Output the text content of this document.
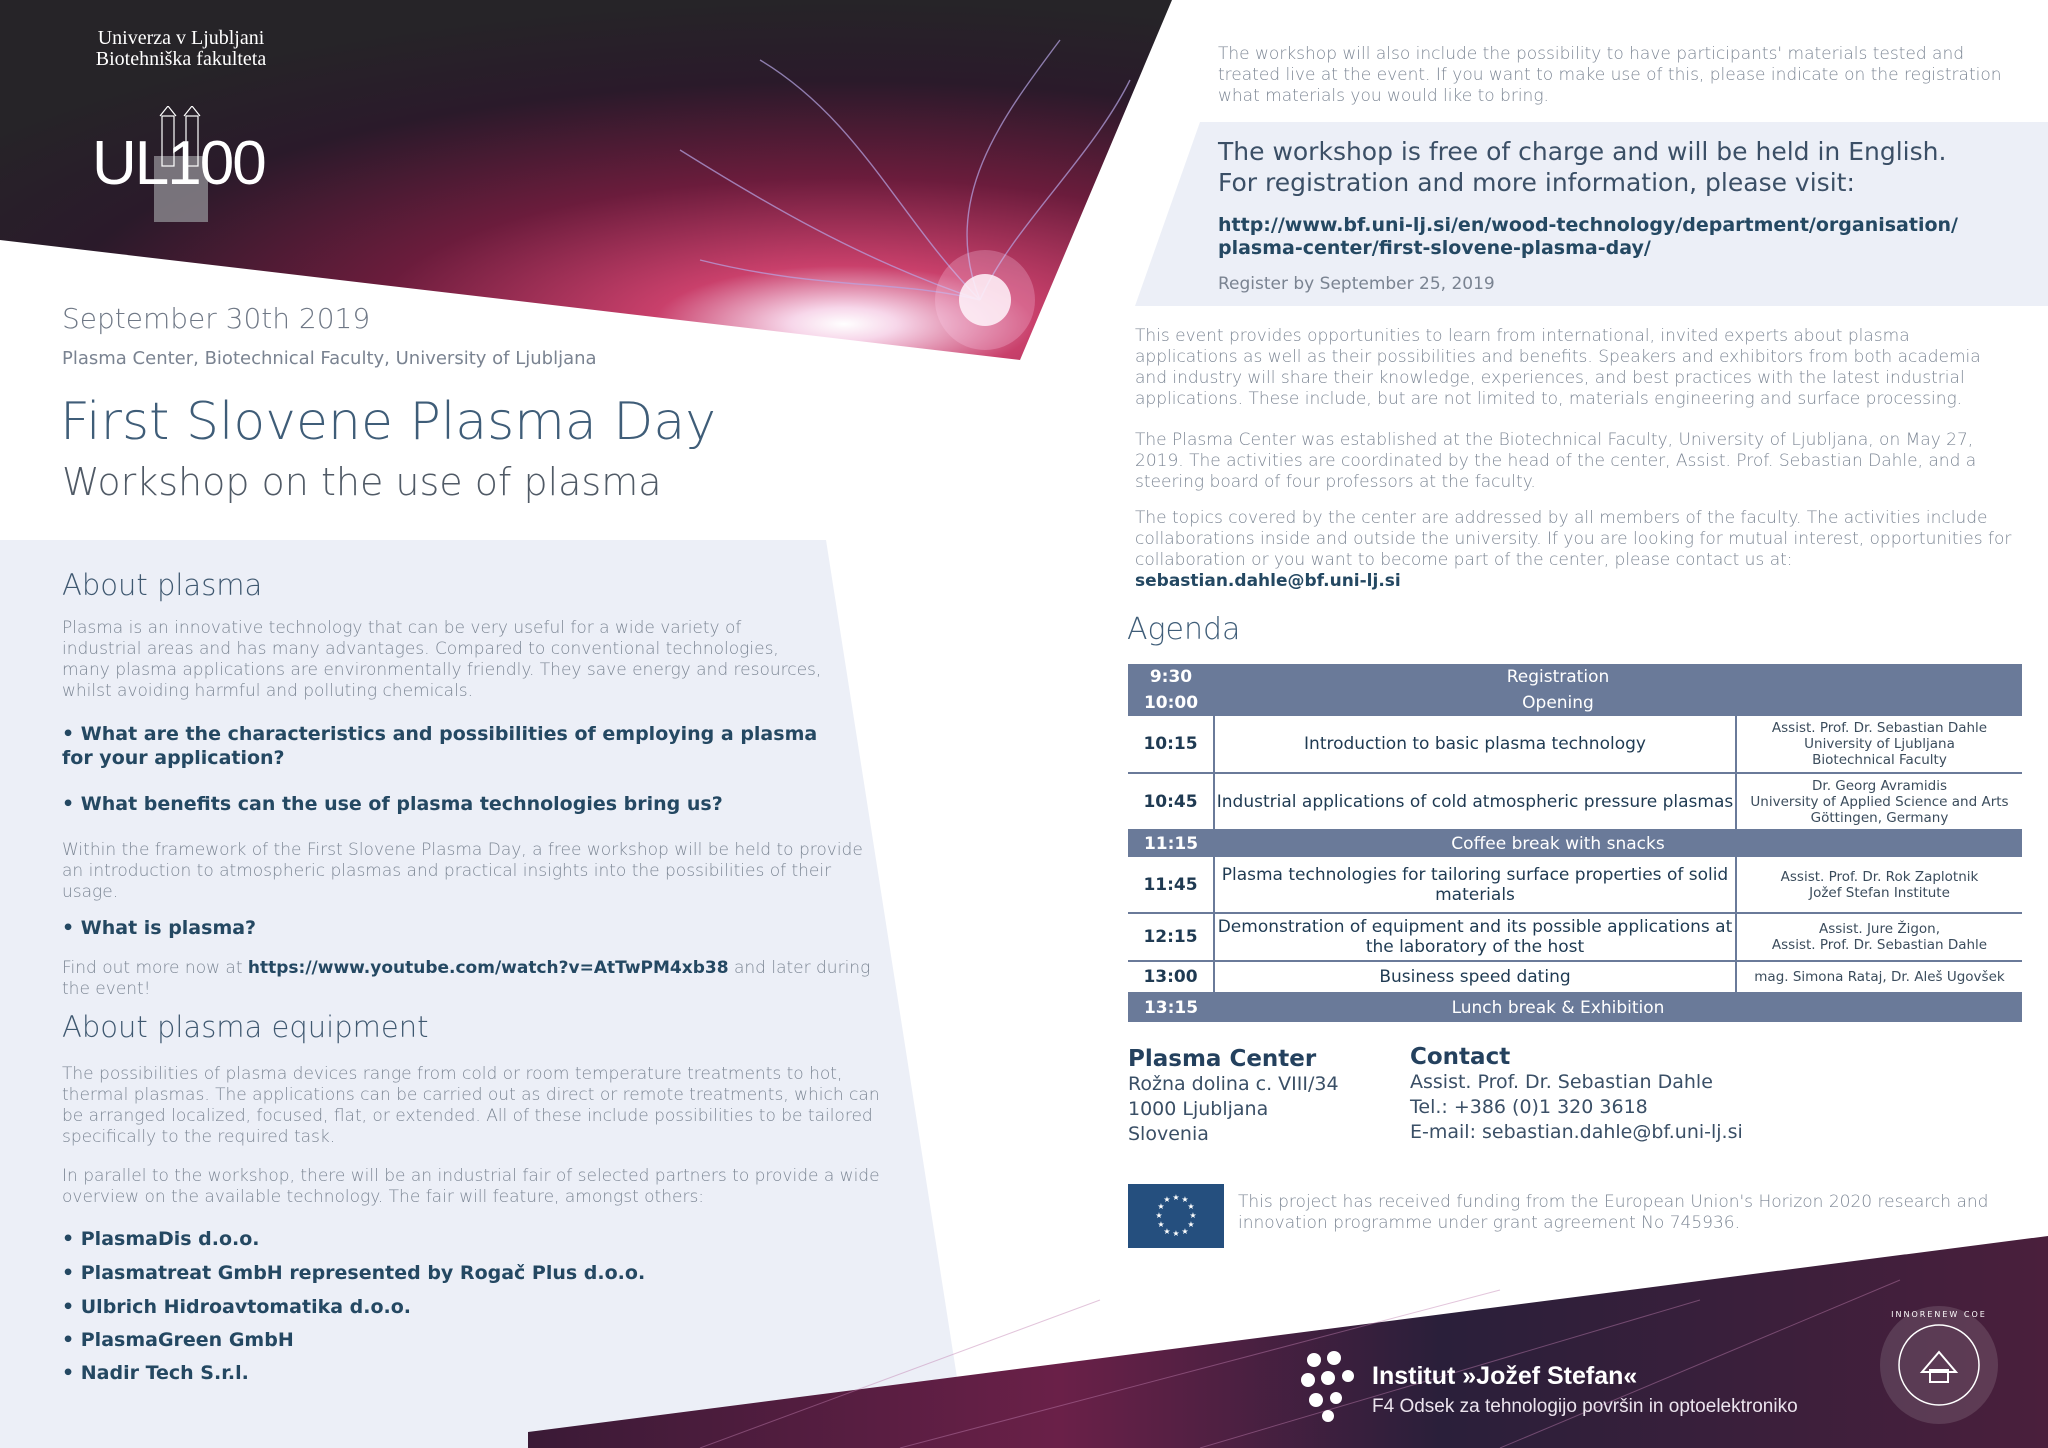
Univerza v Ljubljani
Biotehniška fakulteta
UL100
September 30th 2019
Plasma Center, Biotechnical Faculty, University of Ljubljana
First Slovene Plasma Day
Workshop on the use of plasma
About plasma
Plasma is an innovative technology that can be very useful for a wide variety of industrial areas and has many advantages. Compared to conventional technologies, many plasma applications are environmentally friendly. They save energy and resources, whilst avoiding harmful and polluting chemicals.
• What are the characteristics and possibilities of employing a plasma for your application?
• What benefits can the use of plasma technologies bring us?
Within the framework of the First Slovene Plasma Day, a free workshop will be held to provide an introduction to atmospheric plasmas and practical insights into the possibilities of their usage.
• What is plasma?
Find out more now at https://www.youtube.com/watch?v=AtTwPM4xb38 and later during the event!
About plasma equipment
The possibilities of plasma devices range from cold or room temperature treatments to hot, thermal plasmas. The applications can be carried out as direct or remote treatments, which can be arranged localized, focused, flat, or extended. All of these include possibilities to be tailored specifically to the required task.
In parallel to the workshop, there will be an industrial fair of selected partners to provide a wide overview on the available technology. The fair will feature, amongst others:
• PlasmaDis d.o.o.
• Plasmatreat GmbH represented by Rogač Plus d.o.o.
• Ulbrich Hidroavtomatika d.o.o.
• PlasmaGreen GmbH
• Nadir Tech S.r.l.
The workshop will also include the possibility to have participants' materials tested and treated live at the event. If you want to make use of this, please indicate on the registration what materials you would like to bring.
The workshop is free of charge and will be held in English.
For registration and more information, please visit:
http://www.bf.uni-lj.si/en/wood-technology/department/organisation/
plasma-center/first-slovene-plasma-day/
Register by September 25, 2019
This event provides opportunities to learn from international, invited experts about plasma applications as well as their possibilities and benefits. Speakers and exhibitors from both academia and industry will share their knowledge, experiences, and best practices with the latest industrial applications. These include, but are not limited to, materials engineering and surface processing.
The Plasma Center was established at the Biotechnical Faculty, University of Ljubljana, on May 27, 2019. The activities are coordinated by the head of the center, Assist. Prof. Sebastian Dahle, and a steering board of four professors at the faculty.
The topics covered by the center are addressed by all members of the faculty. The activities include collaborations inside and outside the university. If you are looking for mutual interest, opportunities for collaboration or you want to become part of the center, please contact us at:
sebastian.dahle@bf.uni-lj.si
Agenda
9:30	Registration	
10:00	Opening	
10:15	Introduction to basic plasma technology	Assist. Prof. Dr. Sebastian Dahle
University of Ljubljana
Biotechnical Faculty
10:45	Industrial applications of cold atmospheric pressure plasmas	Dr. Georg Avramidis
University of Applied Science and Arts
Göttingen, Germany
11:15	Coffee break with snacks	
11:45	Plasma technologies for tailoring surface properties of solid materials	Assist. Prof. Dr. Rok Zaplotnik
Jožef Stefan Institute
12:15	Demonstration of equipment and its possible applications at the laboratory of the host	Assist. Jure Žigon,
Assist. Prof. Dr. Sebastian Dahle
13:00	Business speed dating	mag. Simona Rataj, Dr. Aleš Ugovšek
13:15	Lunch break & Exhibition	
Plasma Center
Rožna dolina c. VIII/34
1000 Ljubljana
Slovenia
Contact
Assist. Prof. Dr. Sebastian Dahle
Tel.: +386 (0)1 320 3618
E-mail: sebastian.dahle@bf.uni-lj.si
★ ★
★
★
★
★
★
★
★
★
★
★	This project has received funding from the European Union's Horizon 2020 research and innovation programme under grant agreement No 745936.
Institut »Jožef Stefan«
F4 Odsek za tehnologijo površin in optoelektroniko
INNORENEW COE
